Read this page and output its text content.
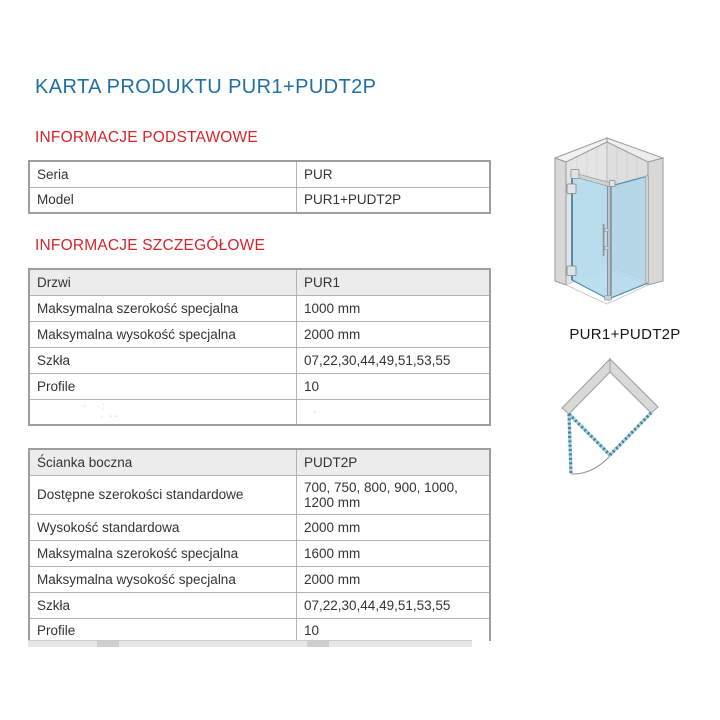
KARTA PRODUKTU PUR1+PUDT2P
INFORMACJE PODSTAWOWE
Seria	PUR
Model	PUR1+PUDT2P
INFORMACJE SZCZEGÓŁOWE
Drzwi	PUR1
Maksymalna szerokość specjalna	1000 mm
Maksymalna wysokość specjalna	2000 mm
Szkła	07,22,30,44,49,51,53,55
Profile	10

-  ·:
· --	-
Ścianka boczna	PUDT2P
Dostępne szerokości standardowe	700, 750, 800, 900, 1000, 1200 mm
Wysokość standardowa	2000 mm
Maksymalna szerokość specjalna	1600 mm
Maksymalna wysokość specjalna	2000 mm
Szkła	07,22,30,44,49,51,53,55
Profile	10
PUR1+PUDT2P
